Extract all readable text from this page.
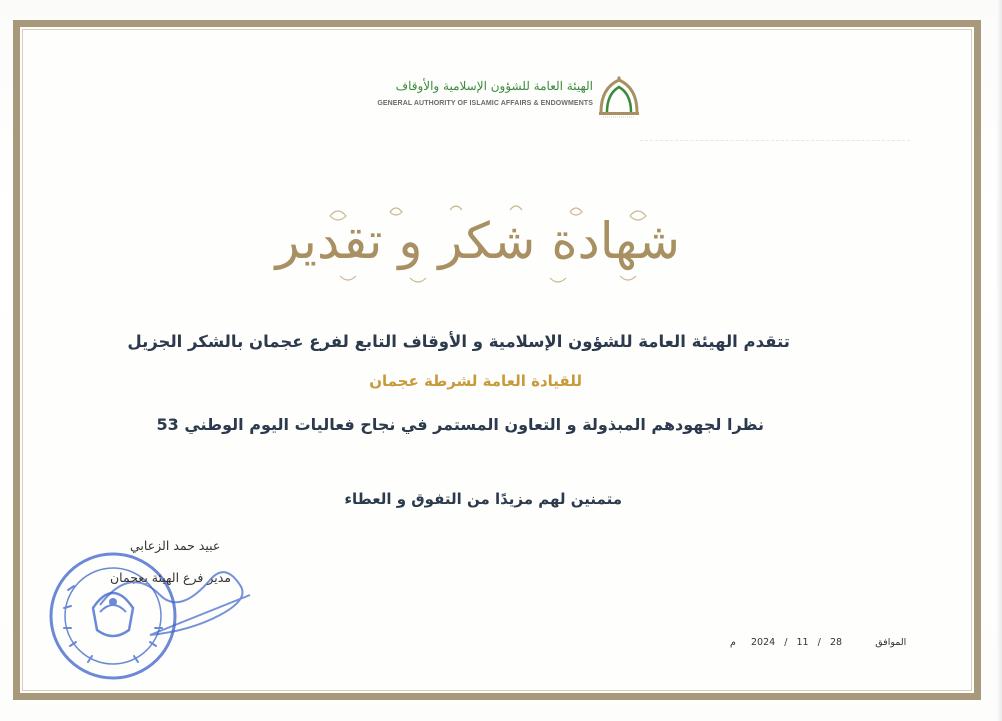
الهيئة العامة للشؤون الإسلامية والأوقاف
GENERAL AUTHORITY OF ISLAMIC AFFAIRS & ENDOWMENTS
شهادة شكر و تقدير
تتقدم الهيئة العامة للشؤون الإسلامية و الأوقاف التابع لفرع عجمان بالشكر الجزيل
للقيادة العامة لشرطة عجمان
نظرا لجهودهم المبذولة و التعاون المستمر في نجاح فعاليات اليوم الوطني 53
متمنين لهم مزيدًا من التفوق و العطاء
عبيد حمد الزعابي
مدير فرع الهيئة بعجمان
م 2024   /   11   /   28	الموافق
